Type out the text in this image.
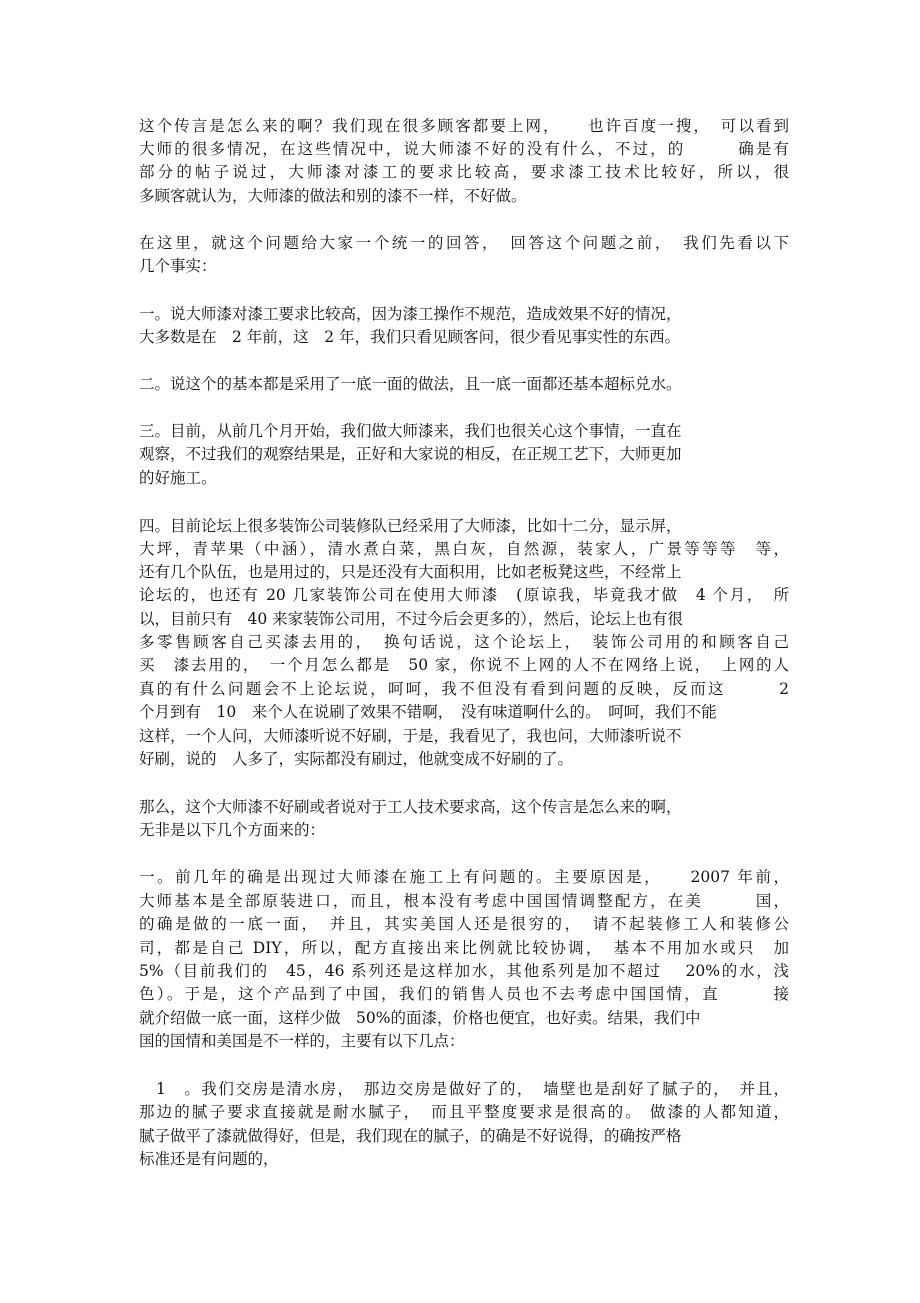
这个传言是怎么来的啊？我们现在很多顾客都要上网，　　也许百度一搜，　可以看到
大师的很多情况，在这些情况中，说大师漆不好的没有什么，不过，的　　　确是有
部分的帖子说过，大师漆对漆工的要求比较高，要求漆工技术比较好，所以，很
多顾客就认为，大师漆的做法和别的漆不一样，不好做。
在这里，就这个问题给大家一个统一的回答，　回答这个问题之前，　我们先看以下
几个事实：
一。说大师漆对漆工要求比较高，因为漆工操作不规范，造成效果不好的情况，
大多数是在　2 年前，这　2 年，我们只看见顾客问，很少看见事实性的东西。
二。说这个的基本都是采用了一底一面的做法，且一底一面都还基本超标兑水。
三。目前，从前几个月开始，我们做大师漆来，我们也很关心这个事情，一直在
观察，不过我们的观察结果是，正好和大家说的相反，在正规工艺下，大师更加
的好施工。
四。目前论坛上很多装饰公司装修队已经采用了大师漆，比如十二分，显示屏，
大坪，青苹果（中涵），清水煮白菜，黑白灰，自然源，装家人，广景等等等　等，
还有几个队伍，也是用过的，只是还没有大面积用，比如老板凳这些，不经常上
论坛的，也还有 20 几家装饰公司在使用大师漆　(原谅我，毕竟我才做　4 个月，　所
以，目前只有　40 来家装饰公司用，不过今后会更多的），然后，论坛上也有很
多零售顾客自己买漆去用的，　换句话说，这个论坛上，　装饰公司用的和顾客自己
买　漆去用的，　一个月怎么都是　50 家，你说不上网的人不在网络上说，　上网的人
真的有什么问题会不上论坛说，呵呵，我不但没有看到问题的反映，反而这　　　2
个月到有　10　来个人在说刷了效果不错啊，　没有味道啊什么的。　呵呵，我们不能
这样，一个人问，大师漆听说不好刷，于是，我看见了，我也问，大师漆听说不
好刷，说的　人多了，实际都没有刷过，他就变成不好刷的了。
那么，这个大师漆不好刷或者说对于工人技术要求高，这个传言是怎么来的啊，
无非是以下几个方面来的：
一。前几年的确是出现过大师漆在施工上有问题的。主要原因是，　　2007 年前，
大师基本是全部原装进口，而且，根本没有考虑中国国情调整配方，在美　　　国，
的确是做的一底一面，　并且，其实美国人还是很穷的，　请不起装修工人和装修公
司，都是自己 DIY，所以，配方直接出来比例就比较协调，　基本不用加水或只　加
5%（目前我们的　45，46 系列还是这样加水，其他系列是加不超过　 20%的水，浅
色）。于是，这个产品到了中国，我们的销售人员也不去考虑中国国情，直　　　接
就介绍做一底一面，这样少做　50%的面漆，价格也便宜，也好卖。结果，我们中
国的国情和美国是不一样的，主要有以下几点：
　1　。我们交房是清水房，　那边交房是做好了的，　墙壁也是刮好了腻子的，　并且，
那边的腻子要求直接就是耐水腻子，　而且平整度要求是很高的。 做漆的人都知道，
腻子做平了漆就做得好，但是，我们现在的腻子，的确是不好说得，的确按严格
标准还是有问题的，
